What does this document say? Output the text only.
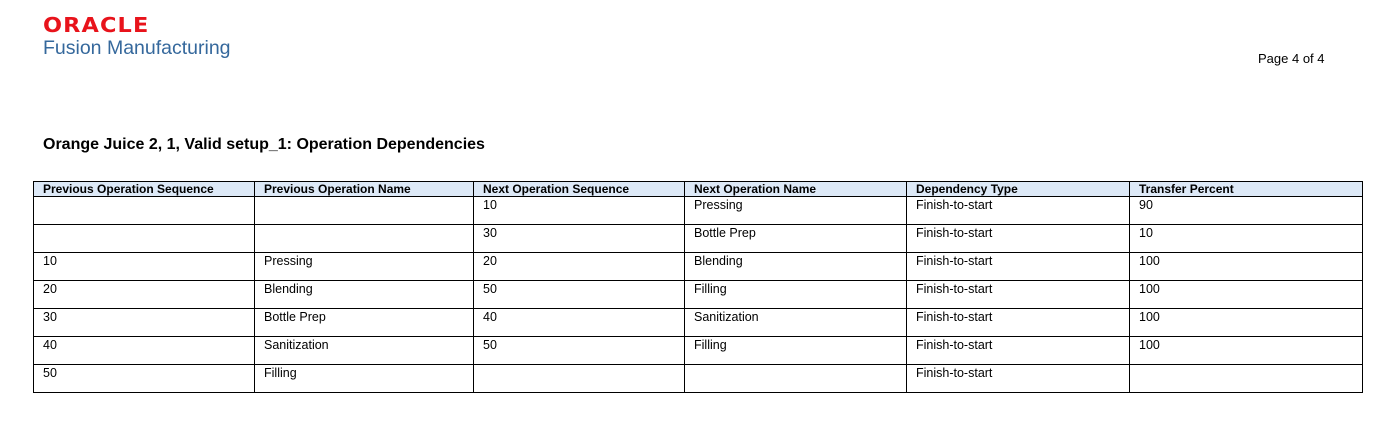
ORACLE
Fusion Manufacturing	Page 4 of 4
Orange Juice 2, 1, Valid setup_1: Operation Dependencies
Previous Operation Sequence	Previous Operation Name	Next Operation Sequence	Next Operation Name	Dependency Type	Transfer Percent
		10	Pressing	Finish-to-start	90
		30	Bottle Prep	Finish-to-start	10
10	Pressing	20	Blending	Finish-to-start	100
20	Blending	50	Filling	Finish-to-start	100
30	Bottle Prep	40	Sanitization	Finish-to-start	100
40	Sanitization	50	Filling	Finish-to-start	100
50	Filling			Finish-to-start	
